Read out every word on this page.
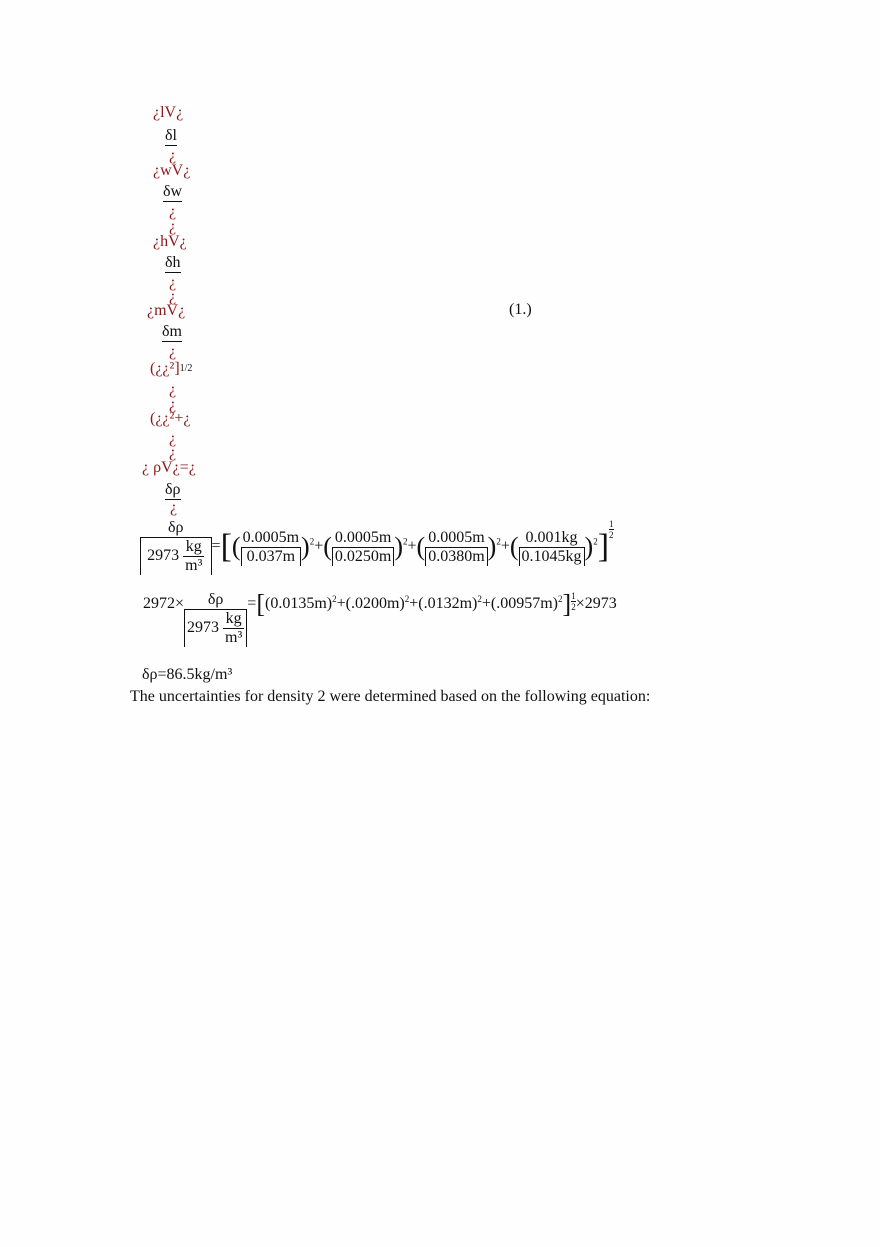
¿lV¿
δl
¿
¿wV¿
δw
¿
¿
¿hV¿
δh
¿
¿
¿mV¿
δm
¿
(¿¿²]$^{1/2}$
¿
¿
(¿¿²+¿
¿
¿
¿ ρV¿=¿
δρ
¿
(1.)
$\frac{\delta\rho}{2973 \frac{kg}{\text{m³}}}$ =[( $\frac{0.0005m}{0.037m} )^2+( \frac{0.0005m}{0.0250m} )^2+( \frac{0.0005m}{0.0380m} )^2+( \frac{0.001kg}{0.1045kg} )^2] \frac{1}{2}$
$2972\times \frac{\delta\rho}{2973 \frac{kg}{\text{m³}}} =[(0.0135m)^2+(.0200m)^2+(.0132m)^2+(.00957m)^2] \frac{1}{2} \times 2973$
δρ=86.5kg/m³
The uncertainties for density 2 were determined based on the following equation:
